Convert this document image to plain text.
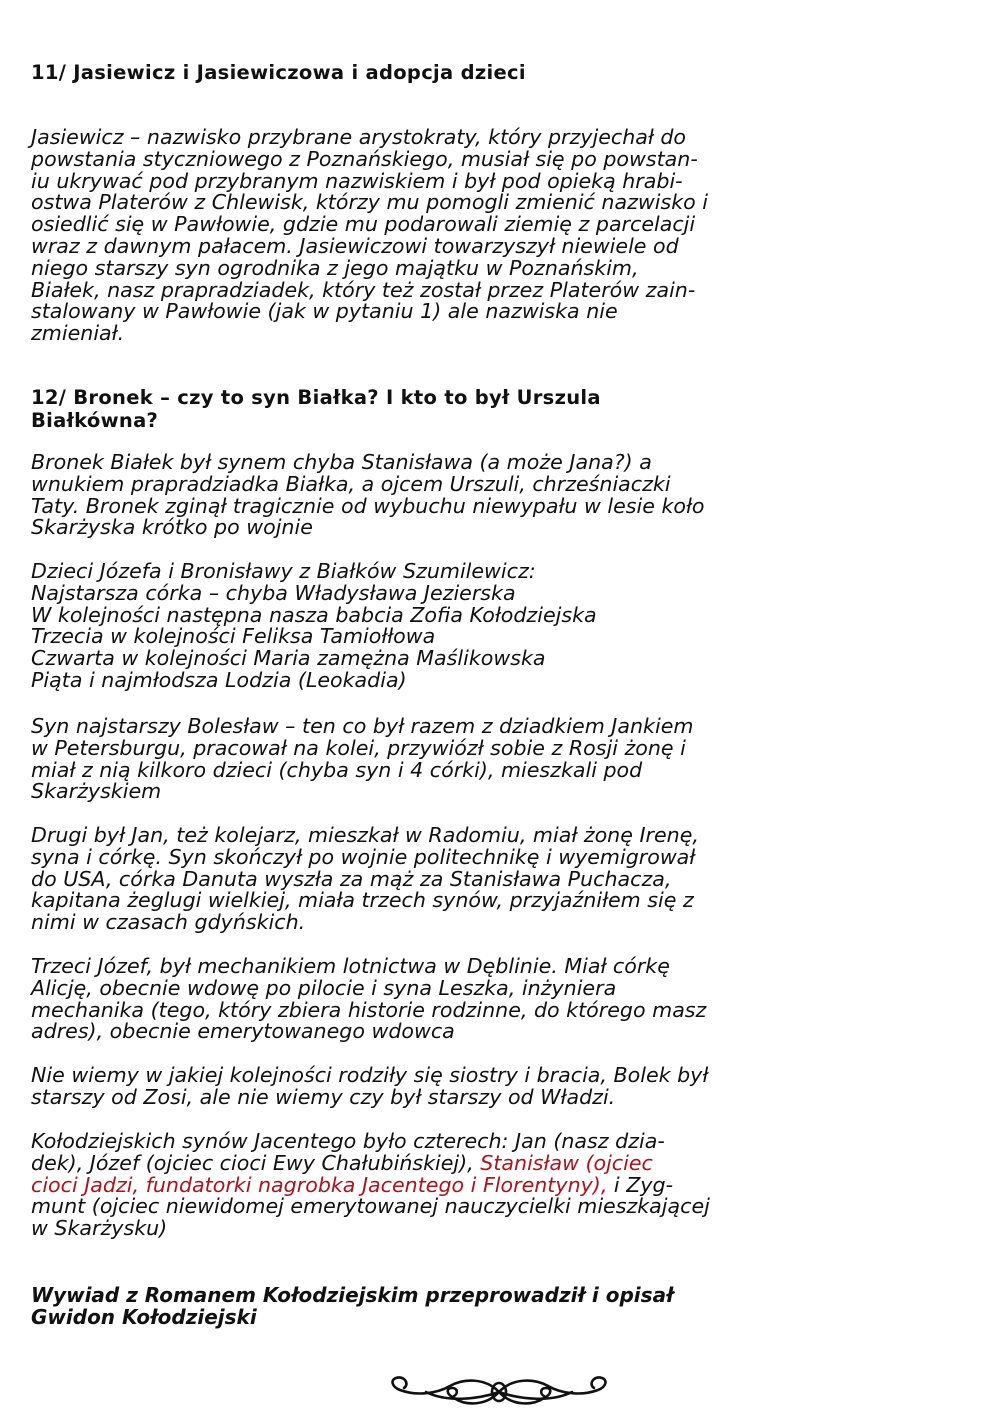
11/ Jasiewicz i Jasiewiczowa i adopcja dzieci

Jasiewicz – nazwisko przybrane arystokraty, który przyjechał do
powstania styczniowego z Poznańskiego, musiał się po powstan-
iu ukrywać pod przybranym nazwiskiem i był pod opieką hrabi-
ostwa Platerów z Chlewisk, którzy mu pomogli zmienić nazwisko i
osiedlić się w Pawłowie, gdzie mu podarowali ziemię z parcelacji
wraz z dawnym pałacem. Jasiewiczowi towarzyszył niewiele od
niego starszy syn ogrodnika z jego majątku w Poznańskim,
Białek, nasz prapradziadek, który też został przez Platerów zain-
stalowany w Pawłowie (jak w pytaniu 1) ale nazwiska nie
zmieniał.

12/ Bronek – czy to syn Białka? I kto to był Urszula
Białkówna?

Bronek Białek był synem chyba Stanisława (a może Jana?) a
wnukiem prapradziadka Białka, a ojcem Urszuli, chrześniaczki
Taty. Bronek zginął tragicznie od wybuchu niewypału w lesie koło
Skarżyska krótko po wojnie

Dzieci Józefa i Bronisławy z Białków Szumilewicz:
Najstarsza córka – chyba Władysława Jezierska
W kolejności następna nasza babcia Zofia Kołodziejska
Trzecia w kolejności Feliksa Tamiołłowa
Czwarta w kolejności Maria zamężna Maślikowska
Piąta i najmłodsza Lodzia (Leokadia)

Syn najstarszy Bolesław – ten co był razem z dziadkiem Jankiem
w Petersburgu, pracował na kolei, przywiózł sobie z Rosji żonę i
miał z nią kilkoro dzieci (chyba syn i 4 córki), mieszkali pod
Skarżyskiem

Drugi był Jan, też kolejarz, mieszkał w Radomiu, miał żonę Irenę,
syna i córkę. Syn skończył po wojnie politechnikę i wyemigrował
do USA, córka Danuta wyszła za mąż za Stanisława Puchacza,
kapitana żeglugi wielkiej, miała trzech synów, przyjaźniłem się z
nimi w czasach gdyńskich.

Trzeci Józef, był mechanikiem lotnictwa w Dęblinie. Miał córkę
Alicję, obecnie wdowę po pilocie i syna Leszka, inżyniera
mechanika (tego, który zbiera historie rodzinne, do którego masz
adres), obecnie emerytowanego wdowca

Nie wiemy w jakiej kolejności rodziły się siostry i bracia, Bolek był
starszy od Zosi, ale nie wiemy czy był starszy od Władzi.

Kołodziejskich synów Jacentego było czterech: Jan (nasz dzia-
dek), Józef (ojciec cioci Ewy Chałubińskiej), Stanisław (ojciec
cioci Jadzi, fundatorki nagrobka Jacentego i Florentyny), i Zyg-
munt (ojciec niewidomej emerytowanej nauczycielki mieszkającej
w Skarżysku)

Wywiad z Romanem Kołodziejskim przeprowadził i opisał
Gwidon Kołodziejski
